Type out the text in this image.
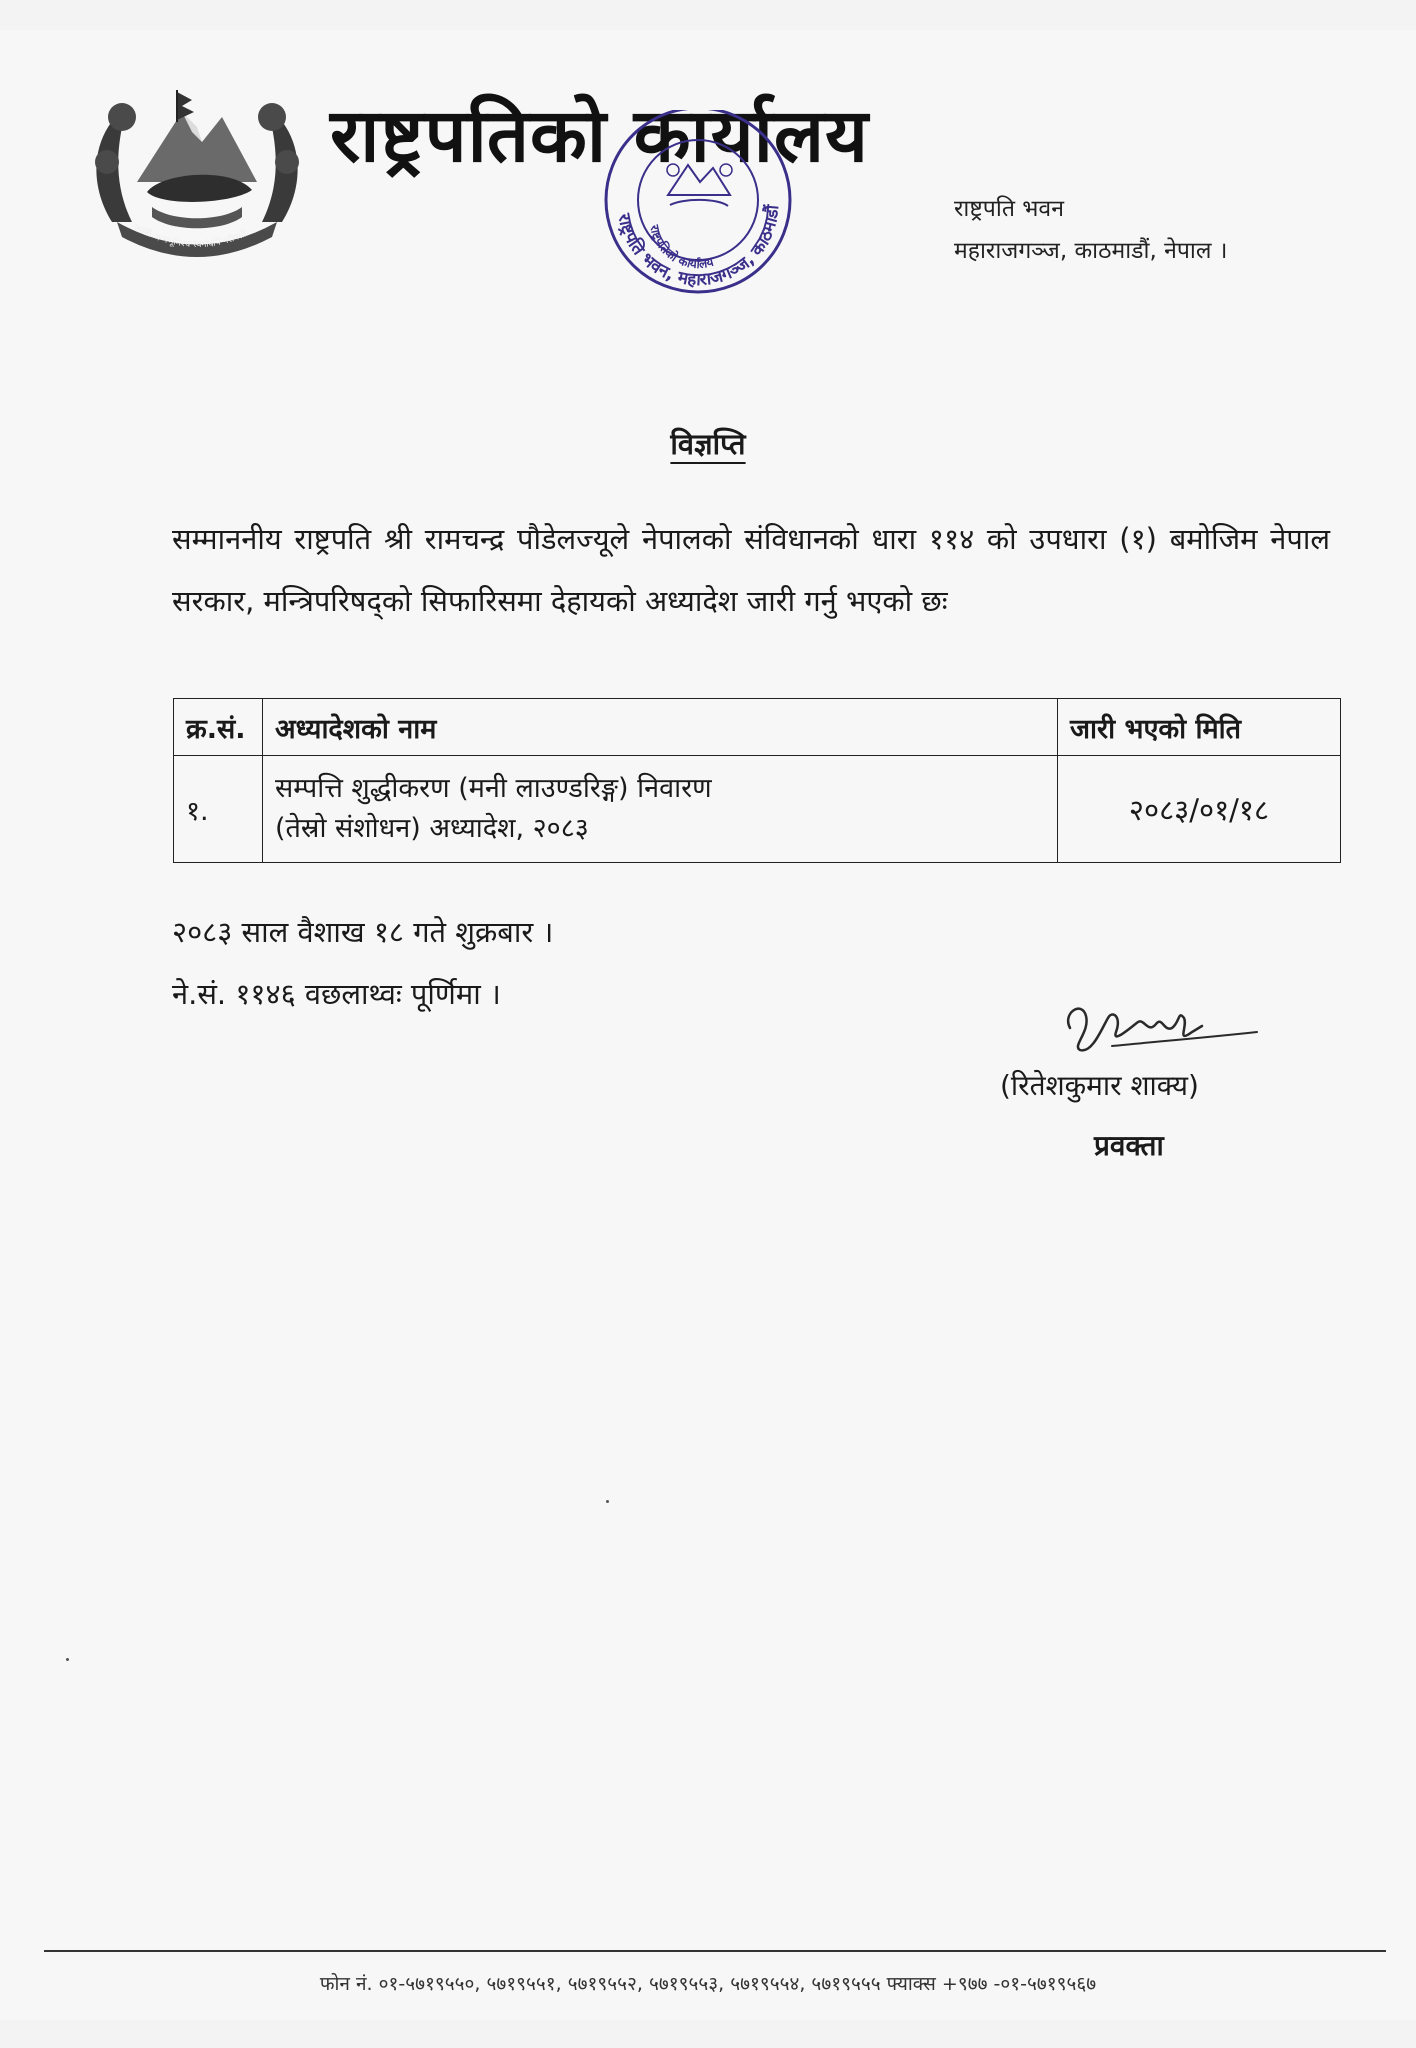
जननी जन्मभूमिश्च स्वर्गादपि गरीयसी
राष्ट्रपतिको कार्यालय
राष्ट्रपति भवन, महाराजगञ्ज, काठमाडौं
राष्ट्रपतिको कार्यालय
राष्ट्रपति भवन
महाराजगञ्ज, काठमाडौं, नेपाल ।
विज्ञप्ति
सम्माननीय राष्ट्रपति श्री रामचन्द्र पौडेलज्यूले नेपालको संविधानको धारा ११४ को उपधारा (१) बमोजिम नेपाल सरकार, मन्त्रिपरिषद्को सिफारिसमा देहायको अध्यादेश जारी गर्नु भएको छः
क्र.सं.	अध्यादेशको नाम	जारी भएको मिति
१.	सम्पत्ति शुद्धीकरण (मनी लाउण्डरिङ्ग) निवारण
(तेस्रो संशोधन) अध्यादेश, २०८३	२०८३/०१/१८
२०८३ साल वैशाख १८ गते शुक्रबार ।
ने.सं. ११४६ वछलाथ्वः पूर्णिमा ।
(रितेशकुमार शाक्य)
प्रवक्ता
फोन नं. ०१-५७१९५५०, ५७१९५५१, ५७१९५५२, ५७१९५५३, ५७१९५५४, ५७१९५५५ फ्याक्स +९७७ -०१-५७१९५६७
